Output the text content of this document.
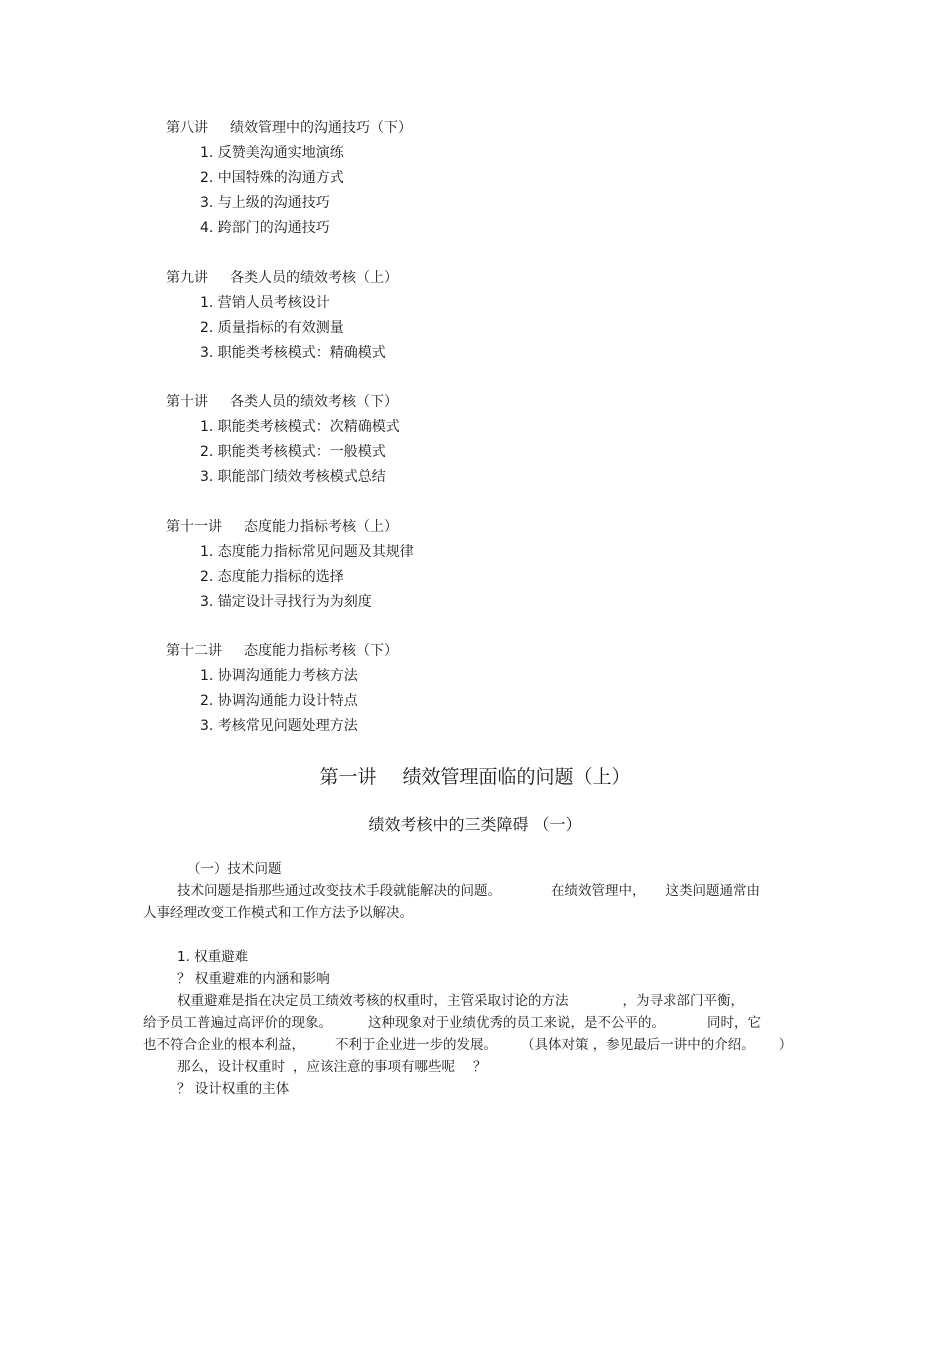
第八讲 绩效管理中的沟通技巧（下）
1. 反赞美沟通实地演练
2. 中国特殊的沟通方式
3. 与上级的沟通技巧
4. 跨部门的沟通技巧
第九讲 各类人员的绩效考核（上）
1. 营销人员考核设计
2. 质量指标的有效测量
3. 职能类考核模式：精确模式
第十讲 各类人员的绩效考核（下）
1. 职能类考核模式：次精确模式
2. 职能类考核模式：一般模式
3. 职能部门绩效考核模式总结
第十一讲 态度能力指标考核（上）
1. 态度能力指标常见问题及其规律
2. 态度能力指标的选择
3. 锚定设计寻找行为为刻度
第十二讲 态度能力指标考核（下）
1. 协调沟通能力考核方法
2. 协调沟通能力设计特点
3. 考核常见问题处理方法
第一讲 绩效管理面临的问题（上）
绩效考核中的三类障碍 （一）
（一）技术问题
技术问题是指那些通过改变技术手段就能解决的问题。	在绩效管理中， 这类问题通常由
人事经理改变工作模式和工作方法予以解决。
1. 权重避难
？ 权重避难的内涵和影响
权重避难是指在决定员工绩效考核的权重时，主管采取讨论的方法	，为寻求部门平衡，
给予员工普遍过高评价的现象。	这种现象对于业绩优秀的员工来说，是不公平的。	同时，它
也不符合企业的根本利益， 不利于企业进一步的发展。 （具体对策 ，参见最后一讲中的介绍。 ）
那么，设计权重时 ，应该注意的事项有哪些呢 ？
？ 设计权重的主体
